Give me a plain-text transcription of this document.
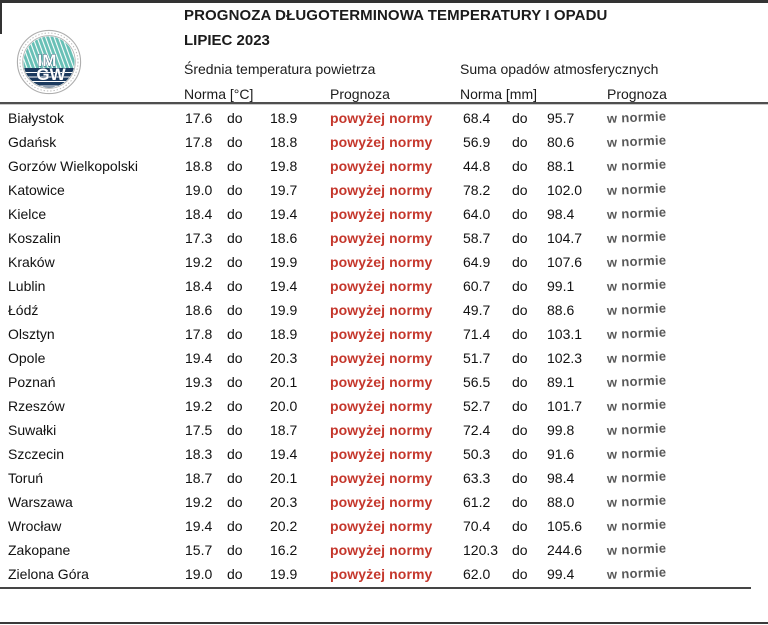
IM
GW
PROGNOZA DŁUGOTERMINOWA TEMPERATURY I OPADU
LIPIEC 2023
Średnia temperatura powietrza	Suma opadów atmosferycznych
Norma [°C]	Prognoza	Norma [mm]	Prognoza
Białystok	17.6	do	18.9	powyżej normy	68.4	do	95.7	w normie
Gdańsk	17.8	do	18.8	powyżej normy	56.9	do	80.6	w normie
Gorzów Wielkopolski	18.8	do	19.8	powyżej normy	44.8	do	88.1	w normie
Katowice	19.0	do	19.7	powyżej normy	78.2	do	102.0	w normie
Kielce	18.4	do	19.4	powyżej normy	64.0	do	98.4	w normie
Koszalin	17.3	do	18.6	powyżej normy	58.7	do	104.7	w normie
Kraków	19.2	do	19.9	powyżej normy	64.9	do	107.6	w normie
Lublin	18.4	do	19.4	powyżej normy	60.7	do	99.1	w normie
Łódź	18.6	do	19.9	powyżej normy	49.7	do	88.6	w normie
Olsztyn	17.8	do	18.9	powyżej normy	71.4	do	103.1	w normie
Opole	19.4	do	20.3	powyżej normy	51.7	do	102.3	w normie
Poznań	19.3	do	20.1	powyżej normy	56.5	do	89.1	w normie
Rzeszów	19.2	do	20.0	powyżej normy	52.7	do	101.7	w normie
Suwałki	17.5	do	18.7	powyżej normy	72.4	do	99.8	w normie
Szczecin	18.3	do	19.4	powyżej normy	50.3	do	91.6	w normie
Toruń	18.7	do	20.1	powyżej normy	63.3	do	98.4	w normie
Warszawa	19.2	do	20.3	powyżej normy	61.2	do	88.0	w normie
Wrocław	19.4	do	20.2	powyżej normy	70.4	do	105.6	w normie
Zakopane	15.7	do	16.2	powyżej normy	120.3 do	244.6	w normie
Zielona Góra	19.0	do	19.9	powyżej normy	62.0	do	99.4	w normie
